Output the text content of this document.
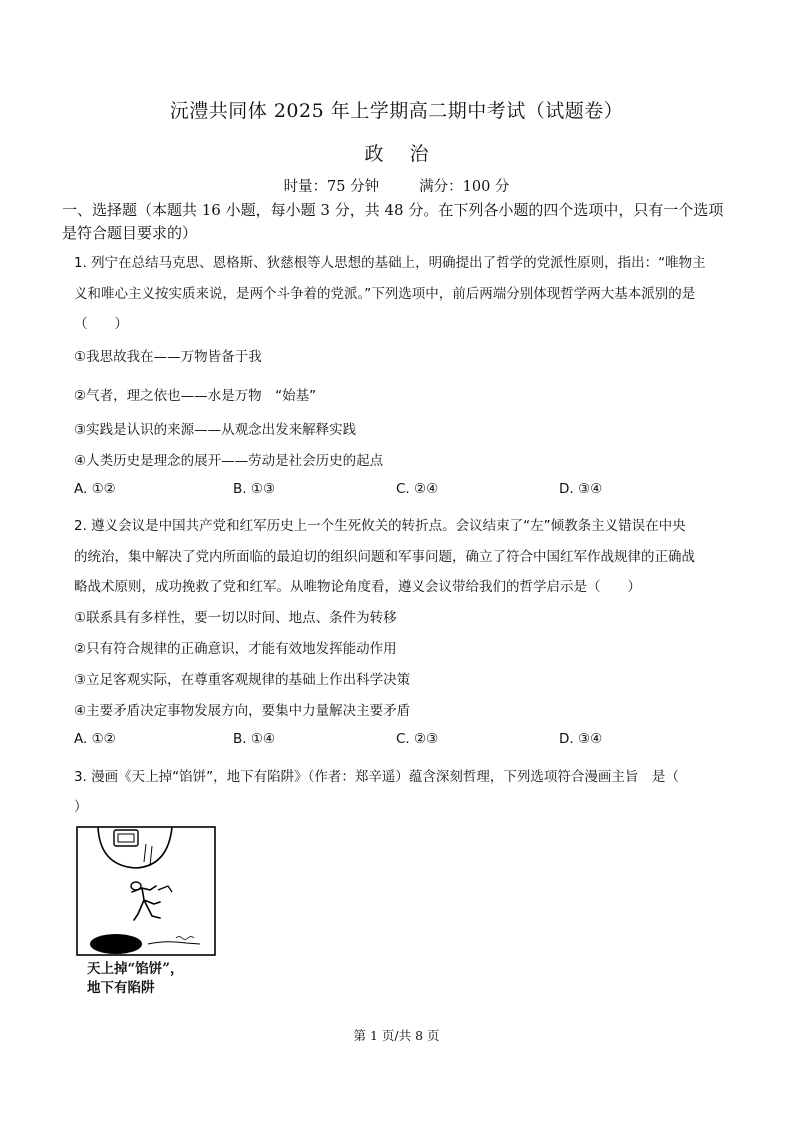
沅澧共同体 2025 年上学期高二期中考试（试题卷）
政治
时量：75 分钟	满分：100 分
一、选择题（本题共 16 小题，每小题 3 分，共 48 分。在下列各小题的四个选项中，只有一个选项是符合题目要求的）
1. 列宁在总结马克思、恩格斯、狄慈根等人思想的基础上，明确提出了哲学的党派性原则，指出：“唯物主
义和唯心主义按实质来说，是两个斗争着的党派。”下列选项中，前后两端分别体现哲学两大基本派别的是
（　　）
①我思故我在——万物皆备于我
②气者，理之依也——水是万物　“始基”
③实践是认识的来源——从观念出发来解释实践
④人类历史是理念的展开——劳动是社会历史的起点
A. ①②	B. ①③	C. ②④	D. ③④
2. 遵义会议是中国共产党和红军历史上一个生死攸关的转折点。会议结束了“左”倾教条主义错误在中央
的统治，集中解决了党内所面临的最迫切的组织问题和军事问题，确立了符合中国红军作战规律的正确战
略战术原则，成功挽救了党和红军。从唯物论角度看，遵义会议带给我们的哲学启示是（　　）
①联系具有多样性，要一切以时间、地点、条件为转移
②只有符合规律的正确意识，才能有效地发挥能动作用
③立足客观实际，在尊重客观规律的基础上作出科学决策
④主要矛盾决定事物发展方向，要集中力量解决主要矛盾
A. ①②	B. ①④	C. ②③	D. ③④
3. 漫画《天上掉“馅饼”，地下有陷阱》（作者：郑辛遥）蕴含深刻哲理，下列选项符合漫画主旨　是（
）
天上掉“馅饼”，
地下有陷阱
第 1 页/共 8 页
